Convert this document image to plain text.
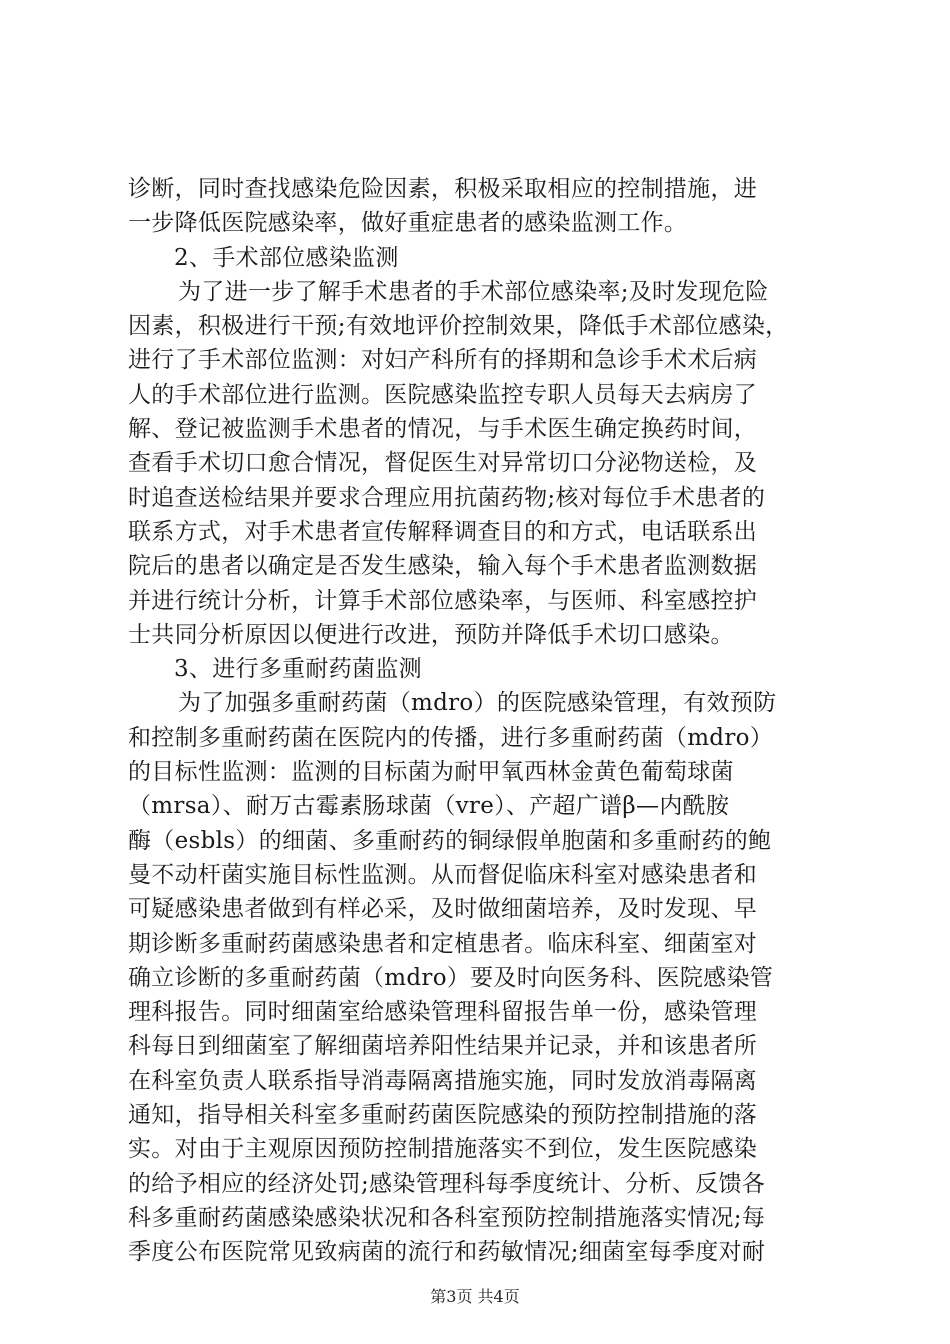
诊断，同时查找感染危险因素，积极采取相应的控制措施，进
一步降低医院感染率，做好重症患者的感染监测工作。
2、手术部位感染监测
为了进一步了解手术患者的手术部位感染率;及时发现危险
因素，积极进行干预;有效地评价控制效果，降低手术部位感染，
进行了手术部位监测：对妇产科所有的择期和急诊手术术后病
人的手术部位进行监测。医院感染监控专职人员每天去病房了
解、登记被监测手术患者的情况，与手术医生确定换药时间，
查看手术切口愈合情况，督促医生对异常切口分泌物送检，及
时追查送检结果并要求合理应用抗菌药物;核对每位手术患者的
联系方式，对手术患者宣传解释调查目的和方式，电话联系出
院后的患者以确定是否发生感染，输入每个手术患者监测数据
并进行统计分析，计算手术部位感染率，与医师、科室感控护
士共同分析原因以便进行改进，预防并降低手术切口感染。
3、进行多重耐药菌监测
为了加强多重耐药菌（mdro）的医院感染管理，有效预防
和控制多重耐药菌在医院内的传播，进行多重耐药菌（mdro）
的目标性监测：监测的目标菌为耐甲氧西林金黄色葡萄球菌
（mrsa）、耐万古霉素肠球菌（vre）、产超广谱β—内酰胺
酶（esbls）的细菌、多重耐药的铜绿假单胞菌和多重耐药的鲍
曼不动杆菌实施目标性监测。从而督促临床科室对感染患者和
可疑感染患者做到有样必采，及时做细菌培养，及时发现、早
期诊断多重耐药菌感染患者和定植患者。临床科室、细菌室对
确立诊断的多重耐药菌（mdro）要及时向医务科、医院感染管
理科报告。同时细菌室给感染管理科留报告单一份，感染管理
科每日到细菌室了解细菌培养阳性结果并记录，并和该患者所
在科室负责人联系指导消毒隔离措施实施，同时发放消毒隔离
通知，指导相关科室多重耐药菌医院感染的预防控制措施的落
实。对由于主观原因预防控制措施落实不到位，发生医院感染
的给予相应的经济处罚;感染管理科每季度统计、分析、反馈各
科多重耐药菌感染感染状况和各科室预防控制措施落实情况;每
季度公布医院常见致病菌的流行和药敏情况;细菌室每季度对耐
第3页 共4页
